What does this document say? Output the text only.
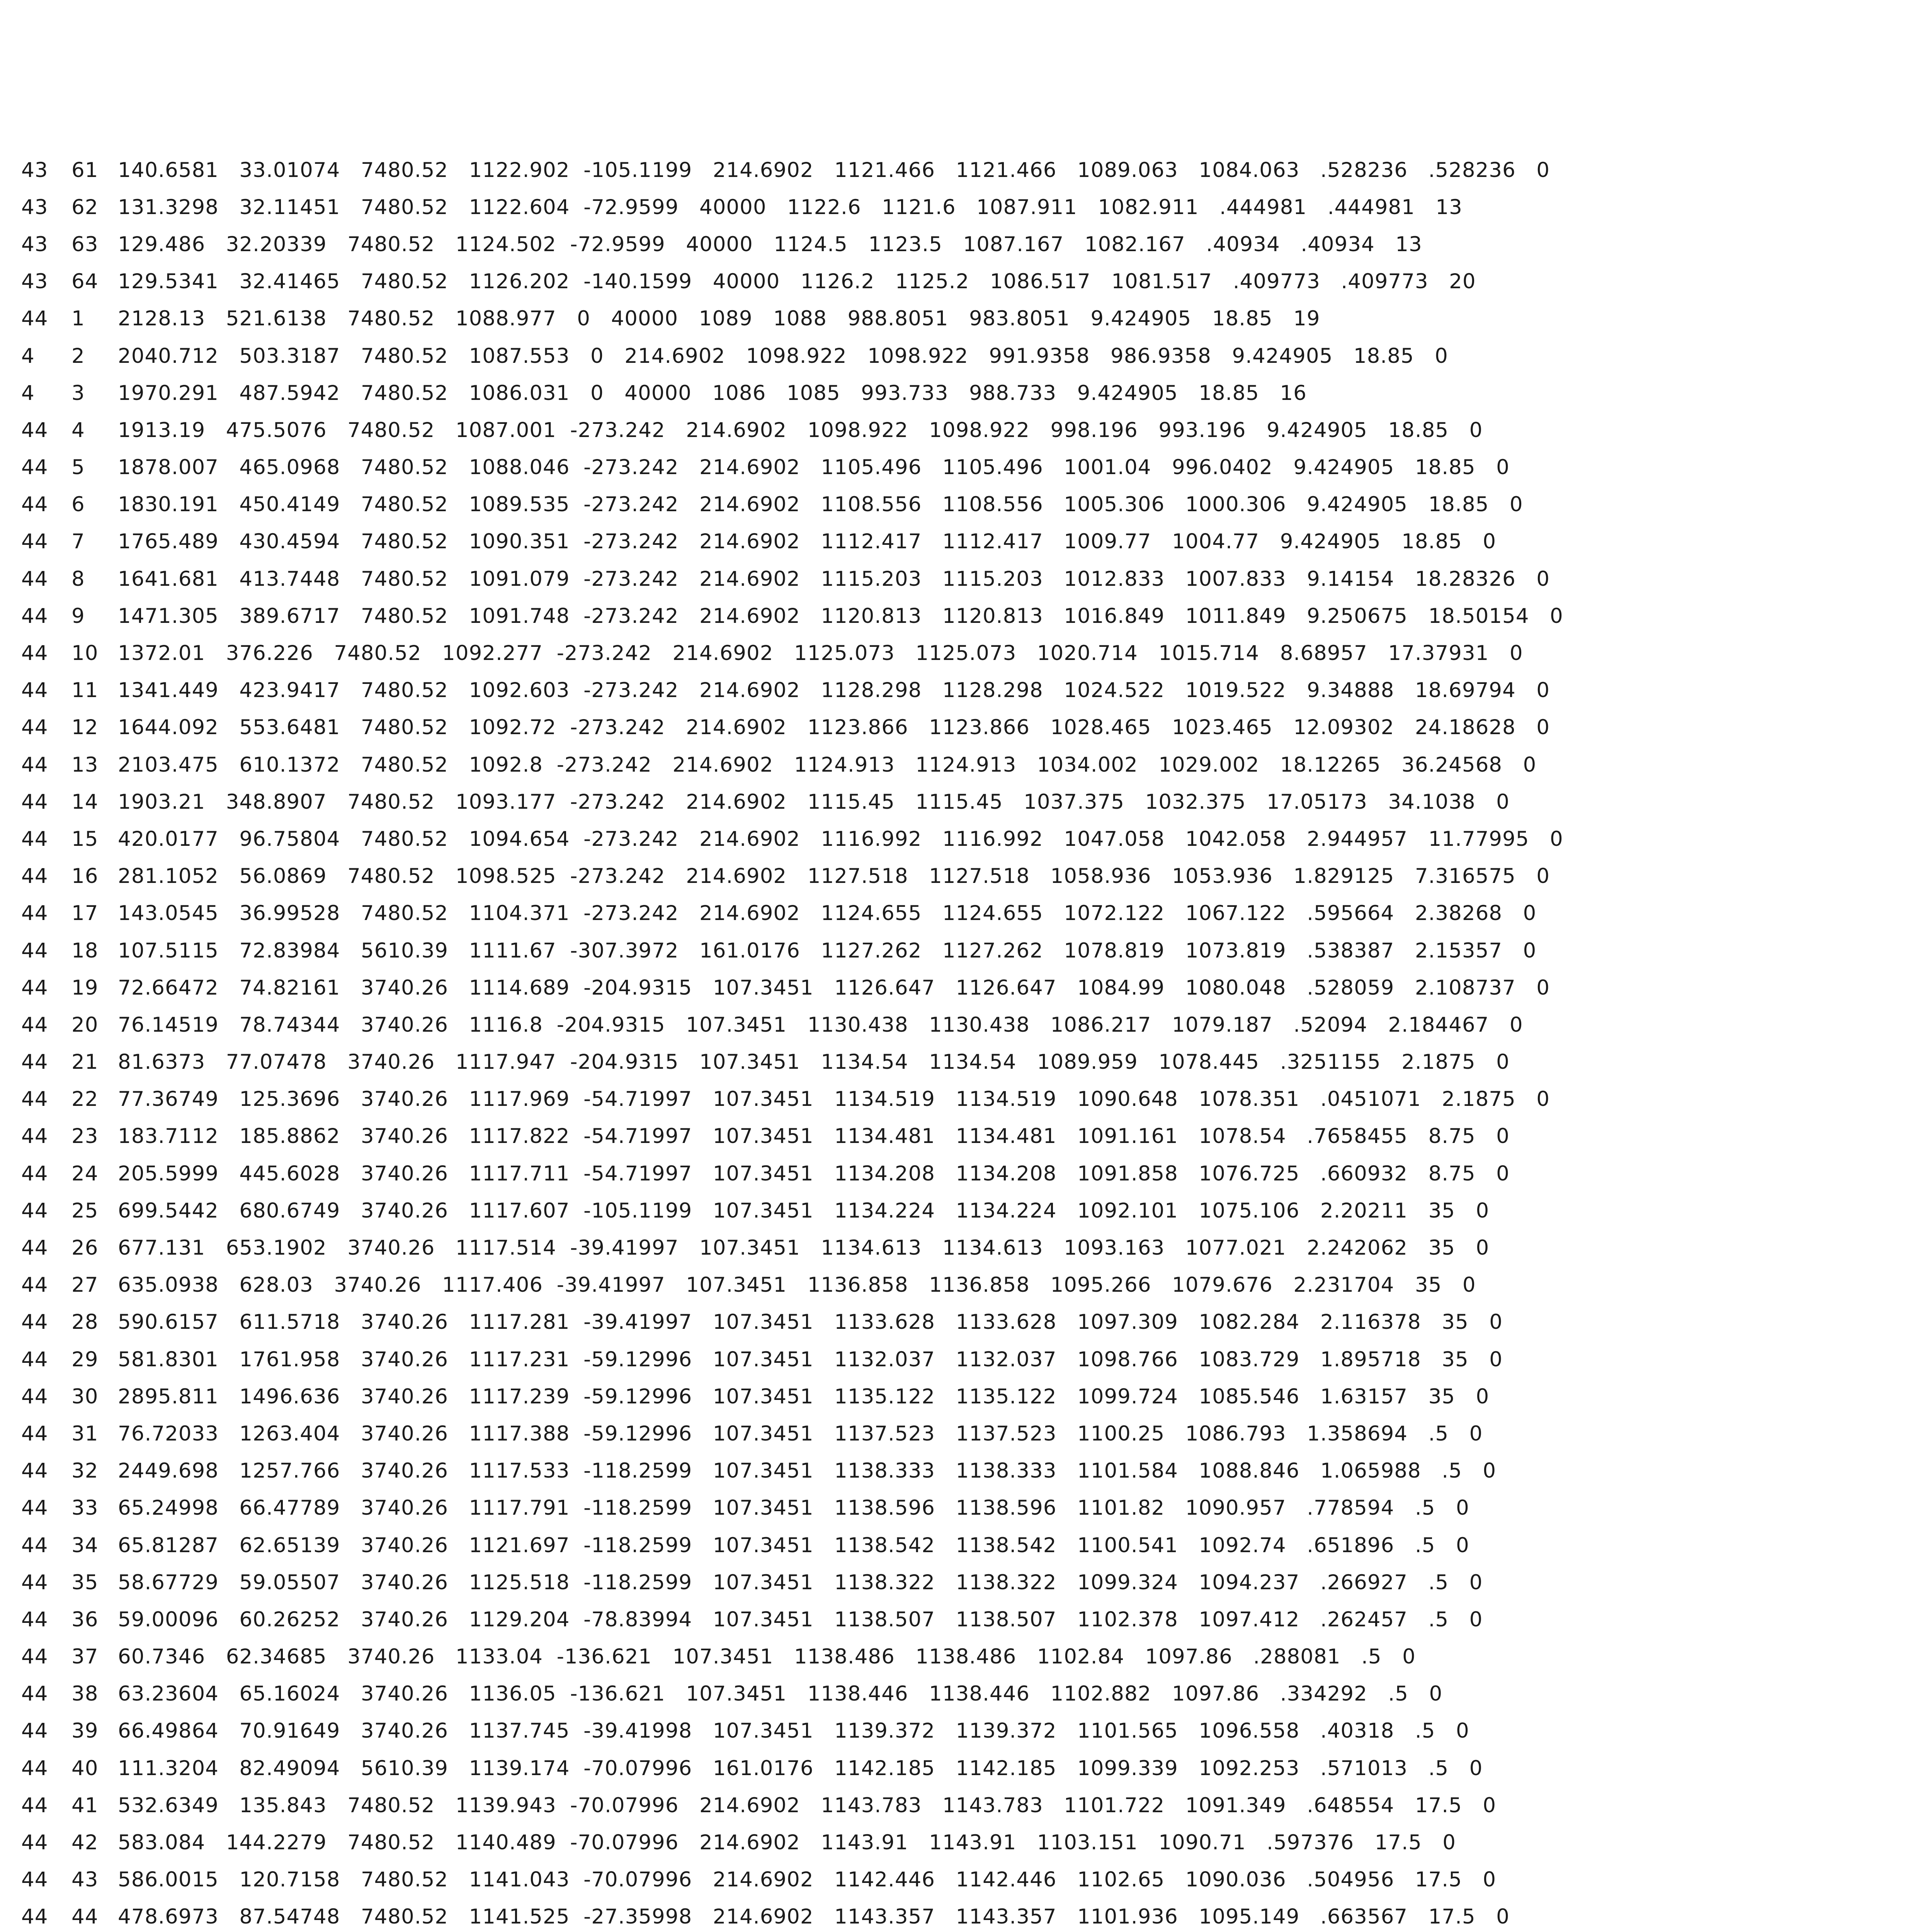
43	61 140.6581   33.01074   7480.52   1122.902  -105.1199   214.6902   1121.466   1121.466   1089.063   1084.063   .528236   .528236   0
43	62 131.3298   32.11451   7480.52   1122.604  -72.9599   40000   1122.6   1121.6   1087.911   1082.911   .444981   .444981   13
43	63 129.486   32.20339   7480.52   1124.502  -72.9599   40000   1124.5   1123.5   1087.167   1082.167   .40934   .40934   13
43	64 129.5341   32.41465   7480.52   1126.202  -140.1599   40000   1126.2   1125.2   1086.517   1081.517   .409773   .409773   20
44	1	2128.13   521.6138   7480.52   1088.977   0   40000   1089   1088   988.8051   983.8051   9.424905   18.85   19
4	2	2040.712   503.3187   7480.52   1087.553   0   214.6902   1098.922   1098.922   991.9358   986.9358   9.424905   18.85   0
4	3	1970.291   487.5942   7480.52   1086.031   0   40000   1086   1085   993.733   988.733   9.424905   18.85   16
44	4	1913.19   475.5076   7480.52   1087.001  -273.242   214.6902   1098.922   1098.922   998.196   993.196   9.424905   18.85   0
44	5	1878.007   465.0968   7480.52   1088.046  -273.242   214.6902   1105.496   1105.496   1001.04   996.0402   9.424905   18.85   0
44	6	1830.191   450.4149   7480.52   1089.535  -273.242   214.6902   1108.556   1108.556   1005.306   1000.306   9.424905   18.85   0
44	7	1765.489   430.4594   7480.52   1090.351  -273.242   214.6902   1112.417   1112.417   1009.77   1004.77   9.424905   18.85   0
44	8	1641.681   413.7448   7480.52   1091.079  -273.242   214.6902   1115.203   1115.203   1012.833   1007.833   9.14154   18.28326   0
44	9	1471.305   389.6717   7480.52   1091.748  -273.242   214.6902   1120.813   1120.813   1016.849   1011.849   9.250675   18.50154   0
44	10 1372.01   376.226   7480.52   1092.277  -273.242   214.6902   1125.073   1125.073   1020.714   1015.714   8.68957   17.37931   0
44	11 1341.449   423.9417   7480.52   1092.603  -273.242   214.6902   1128.298   1128.298   1024.522   1019.522   9.34888   18.69794   0
44	12 1644.092   553.6481   7480.52   1092.72  -273.242   214.6902   1123.866   1123.866   1028.465   1023.465   12.09302   24.18628   0
44	13 2103.475   610.1372   7480.52   1092.8  -273.242   214.6902   1124.913   1124.913   1034.002   1029.002   18.12265   36.24568   0
44	14 1903.21   348.8907   7480.52   1093.177  -273.242   214.6902   1115.45   1115.45   1037.375   1032.375   17.05173   34.1038   0
44	15 420.0177   96.75804   7480.52   1094.654  -273.242   214.6902   1116.992   1116.992   1047.058   1042.058   2.944957   11.77995   0
44	16 281.1052   56.0869   7480.52   1098.525  -273.242   214.6902   1127.518   1127.518   1058.936   1053.936   1.829125   7.316575   0
44	17 143.0545   36.99528   7480.52   1104.371  -273.242   214.6902   1124.655   1124.655   1072.122   1067.122   .595664   2.38268   0
44	18 107.5115   72.83984   5610.39   1111.67  -307.3972   161.0176   1127.262   1127.262   1078.819   1073.819   .538387   2.15357   0
44	19 72.66472   74.82161   3740.26   1114.689  -204.9315   107.3451   1126.647   1126.647   1084.99   1080.048   .528059   2.108737   0
44	20 76.14519   78.74344   3740.26   1116.8  -204.9315   107.3451   1130.438   1130.438   1086.217   1079.187   .52094   2.184467   0
44	21 81.6373   77.07478   3740.26   1117.947  -204.9315   107.3451   1134.54   1134.54   1089.959   1078.445   .3251155   2.1875   0
44	22 77.36749   125.3696   3740.26   1117.969  -54.71997   107.3451   1134.519   1134.519   1090.648   1078.351   .0451071   2.1875   0
44	23 183.7112   185.8862   3740.26   1117.822  -54.71997   107.3451   1134.481   1134.481   1091.161   1078.54   .7658455   8.75   0
44	24 205.5999   445.6028   3740.26   1117.711  -54.71997   107.3451   1134.208   1134.208   1091.858   1076.725   .660932   8.75   0
44	25 699.5442   680.6749   3740.26   1117.607  -105.1199   107.3451   1134.224   1134.224   1092.101   1075.106   2.20211   35   0
44	26 677.131   653.1902   3740.26   1117.514  -39.41997   107.3451   1134.613   1134.613   1093.163   1077.021   2.242062   35   0
44	27 635.0938   628.03   3740.26   1117.406  -39.41997   107.3451   1136.858   1136.858   1095.266   1079.676   2.231704   35   0
44	28 590.6157   611.5718   3740.26   1117.281  -39.41997   107.3451   1133.628   1133.628   1097.309   1082.284   2.116378   35   0
44	29 581.8301   1761.958   3740.26   1117.231  -59.12996   107.3451   1132.037   1132.037   1098.766   1083.729   1.895718   35   0
44	30 2895.811   1496.636   3740.26   1117.239  -59.12996   107.3451   1135.122   1135.122   1099.724   1085.546   1.63157   35   0
44	31 76.72033   1263.404   3740.26   1117.388  -59.12996   107.3451   1137.523   1137.523   1100.25   1086.793   1.358694   .5   0
44	32 2449.698   1257.766   3740.26   1117.533  -118.2599   107.3451   1138.333   1138.333   1101.584   1088.846   1.065988   .5   0
44	33 65.24998   66.47789   3740.26   1117.791  -118.2599   107.3451   1138.596   1138.596   1101.82   1090.957   .778594   .5   0
44	34 65.81287   62.65139   3740.26   1121.697  -118.2599   107.3451   1138.542   1138.542   1100.541   1092.74   .651896   .5   0
44	35 58.67729   59.05507   3740.26   1125.518  -118.2599   107.3451   1138.322   1138.322   1099.324   1094.237   .266927   .5   0
44	36 59.00096   60.26252   3740.26   1129.204  -78.83994   107.3451   1138.507   1138.507   1102.378   1097.412   .262457   .5   0
44	37 60.7346   62.34685   3740.26   1133.04  -136.621   107.3451   1138.486   1138.486   1102.84   1097.86   .288081   .5   0
44	38 63.23604   65.16024   3740.26   1136.05  -136.621   107.3451   1138.446   1138.446   1102.882   1097.86   .334292   .5   0
44	39 66.49864   70.91649   3740.26   1137.745  -39.41998   107.3451   1139.372   1139.372   1101.565   1096.558   .40318   .5   0
44	40 111.3204   82.49094   5610.39   1139.174  -70.07996   161.0176   1142.185   1142.185   1099.339   1092.253   .571013   .5   0
44	41 532.6349   135.843   7480.52   1139.943  -70.07996   214.6902   1143.783   1143.783   1101.722   1091.349   .648554   17.5   0
44	42 583.084   144.2279   7480.52   1140.489  -70.07996   214.6902   1143.91   1143.91   1103.151   1090.71   .597376   17.5   0
44	43 586.0015   120.7158   7480.52   1141.043  -70.07996   214.6902   1142.446   1142.446   1102.65   1090.036   .504956   17.5   0
44	44 478.6973   87.54748   7480.52   1141.525  -27.35998   214.6902   1143.357   1143.357   1101.936   1095.149   .663567   17.5   0
